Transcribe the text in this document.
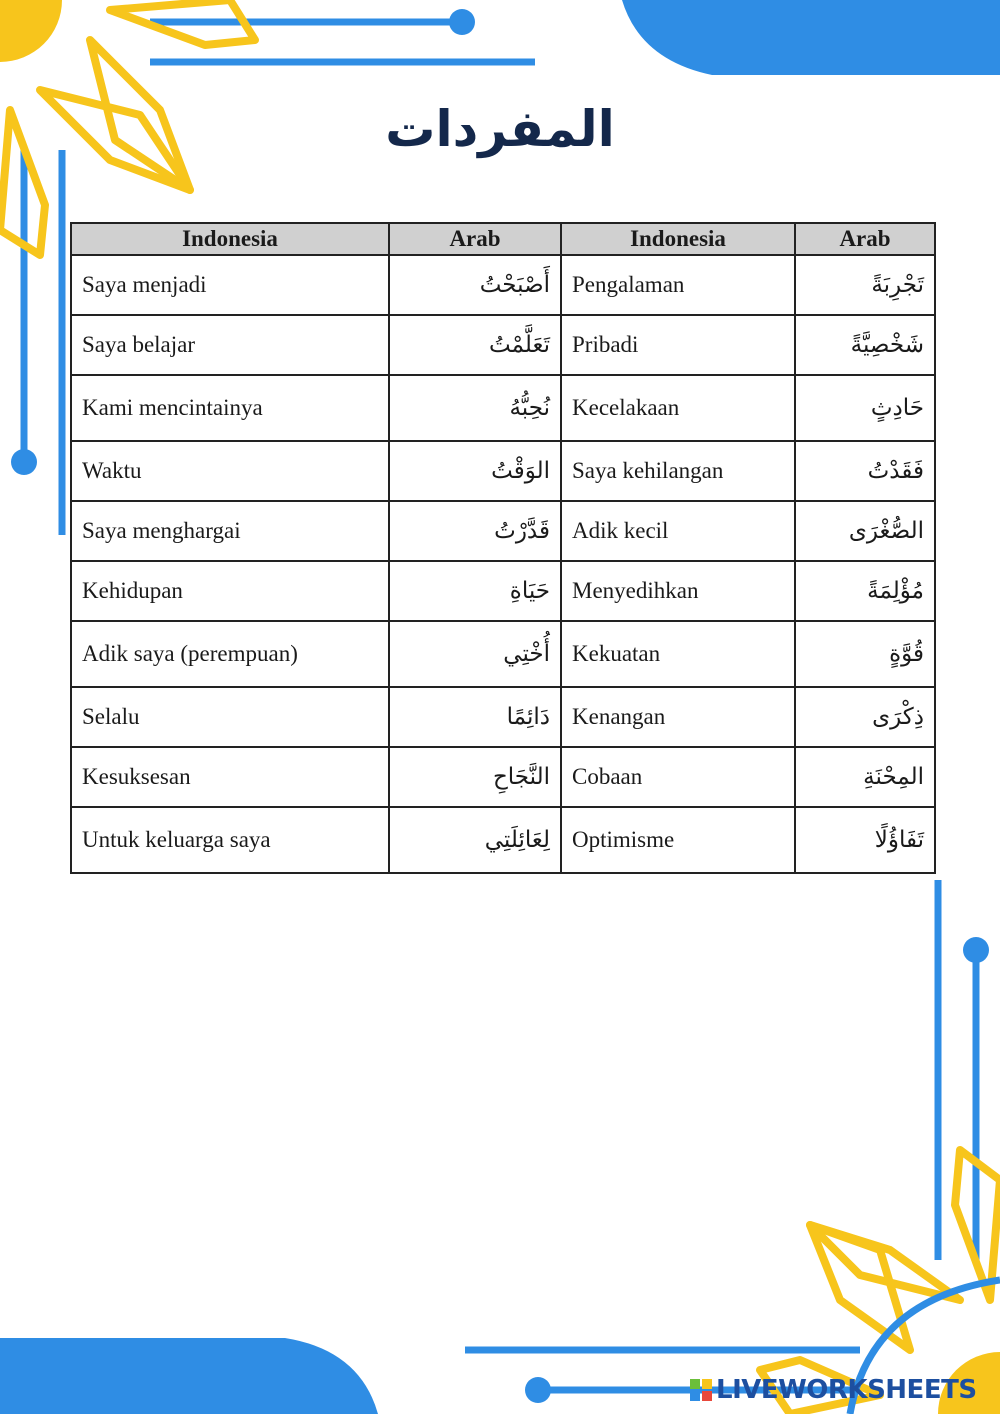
المفردات
Indonesia	Arab	Indonesia	Arab
Saya menjadi	أَصْبَحْتُ	Pengalaman	تَجْرِبَةً
Saya belajar	تَعَلَّمْتُ	Pribadi	شَخْصِيَّةً
Kami mencintainya	نُحِبُّهُ	Kecelakaan	حَادِثٍ
Waktu	الوَقْتُ	Saya kehilangan	فَقَدْتُ
Saya menghargai	قَدَّرْتُ	Adik kecil	الصُّغْرَى
Kehidupan	حَيَاةِ	Menyedihkan	مُؤْلِمَةً
Adik saya (perempuan)	أُخْتِي	Kekuatan	قُوَّةٍ
Selalu	دَائِمًا	Kenangan	ذِكْرَى
Kesuksesan	النَّجَاحِ	Cobaan	المِحْنَةِ
Untuk keluarga saya	لِعَائِلَتِي	Optimisme	تَفَاؤُلًا
LIVEWORKSHEETS
